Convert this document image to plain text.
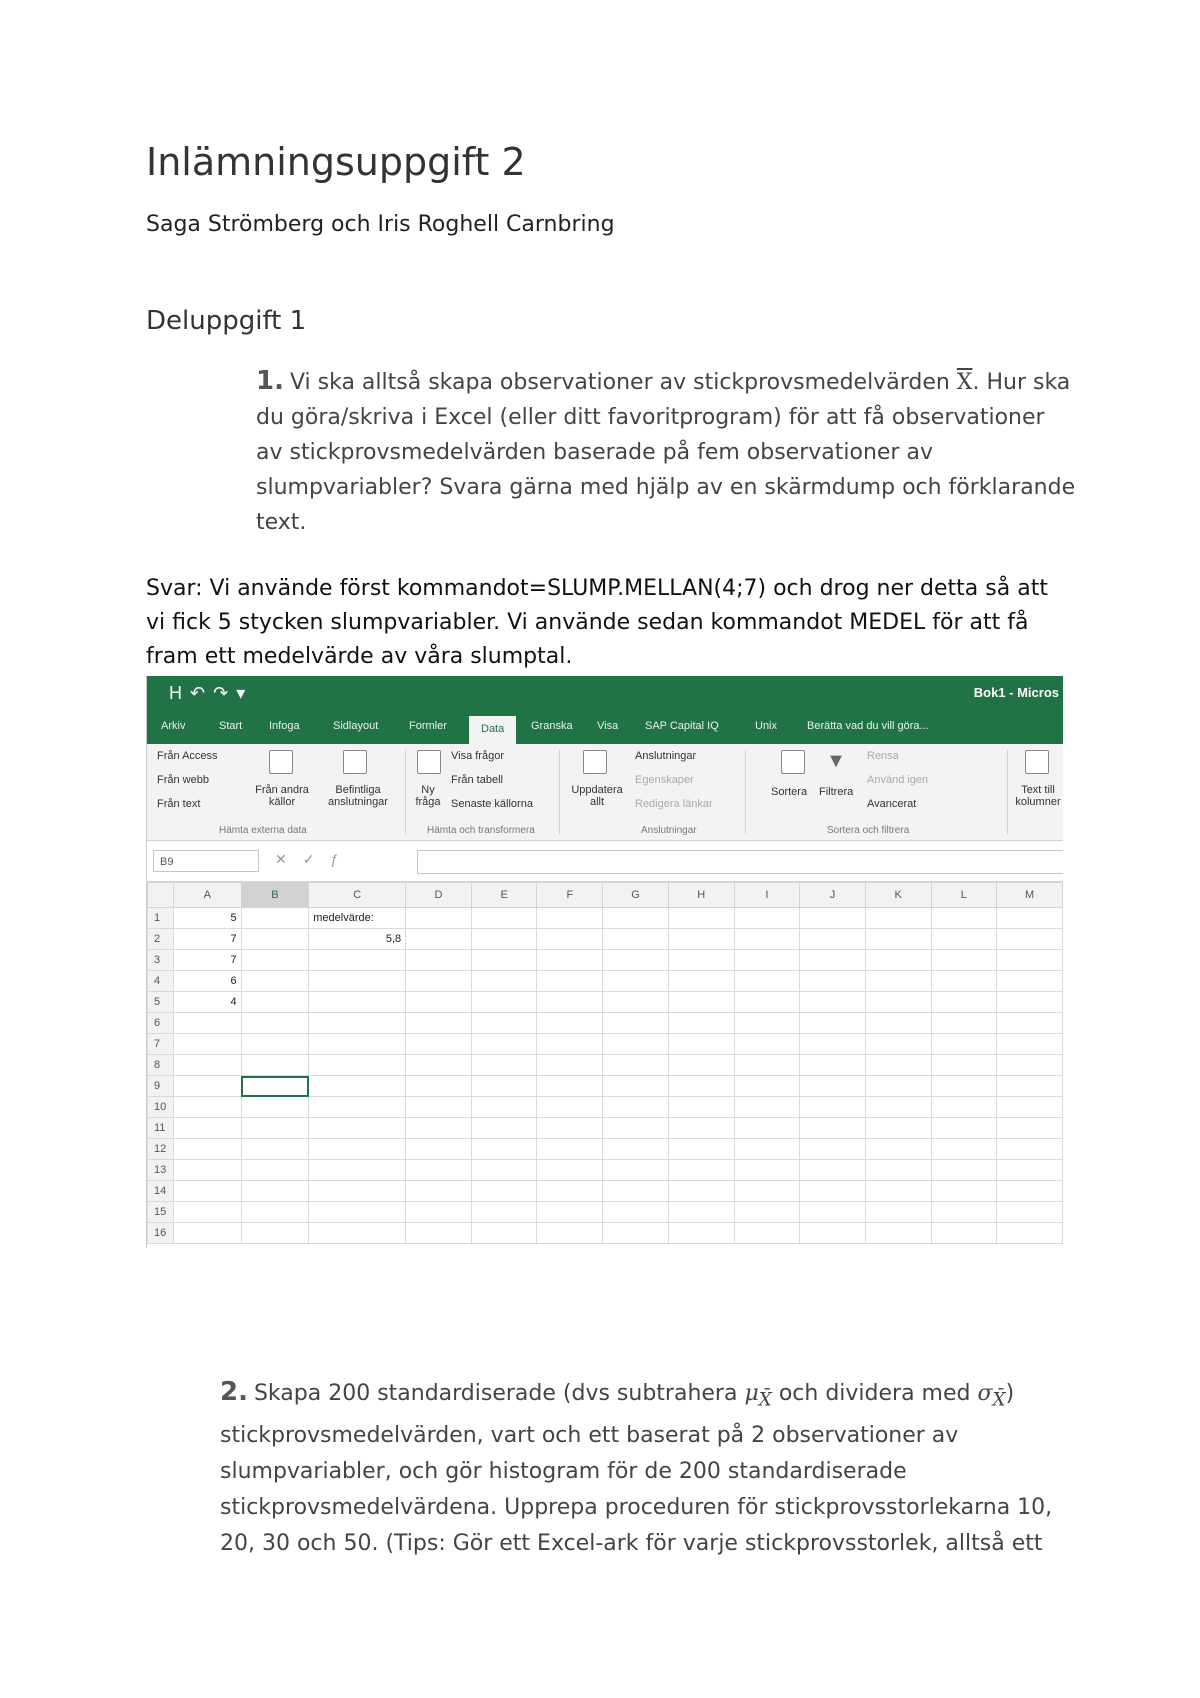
Inlämningsuppgift 2
Saga Strömberg och Iris Roghell Carnbring
Deluppgift 1
1. Vi ska alltså skapa observationer av stickprovsmedelvärden $\overline{X}$. Hur ska du göra/skriva i Excel (eller ditt favoritprogram) för att få observationer av stickprovsmedelvärden baserade på fem observationer av slumpvariabler? Svara gärna med hjälp av en skärmdump och förklarande text.
Svar: Vi använde först kommandot=SLUMP.MELLAN(4;7) och drog ner detta så att vi fick 5 stycken slumpvariabler. Vi använde sedan kommandot MEDEL för att få fram ett medelvärde av våra slumptal.
H↶↷▾	Bok1 - Micros
Arkiv	Start Infoga	Sidlayout	Formler	Data	Granska Visa SAP Capital IQ	Unix	Berätta vad du vill göra...
Från Access
Från webb
Från text
Från andra källor
Befintliga anslutningar
Hämta externa data
Ny fråga
Visa frågor
Från tabell
Senaste källorna
Hämta och transformera
Uppdatera allt
Anslutningar
Egenskaper
Redigera länkar
Anslutningar
Sortera
▼
Filtrera
Rensa
Använd igen
Avancerat
Sortera och filtrera
Text till kolumner
B9	✕✓ƒ
	A	B	C	D	E	F	G	H	I	J	K	L	M
1	5		medelvärde:										
2	7		5,8										
3	7												
4	6												
5	4												
6													
7													
8													
9													
10													
11													
12													
13													
14													
15													
16													
2. Skapa 200 standardiserade (dvs subtrahera $\mu_{X̄}$ och dividera med $\sigma_{X̄}$) stickprovsmedelvärden, vart och ett baserat på 2 observationer av slumpvariabler, och gör histogram för de 200 standardiserade stickprovsmedelvärdena. Upprepa proceduren för stickprovsstorlekarna 10, 20, 30 och 50. (Tips: Gör ett Excel-ark för varje stickprovsstorlek, alltså ett
